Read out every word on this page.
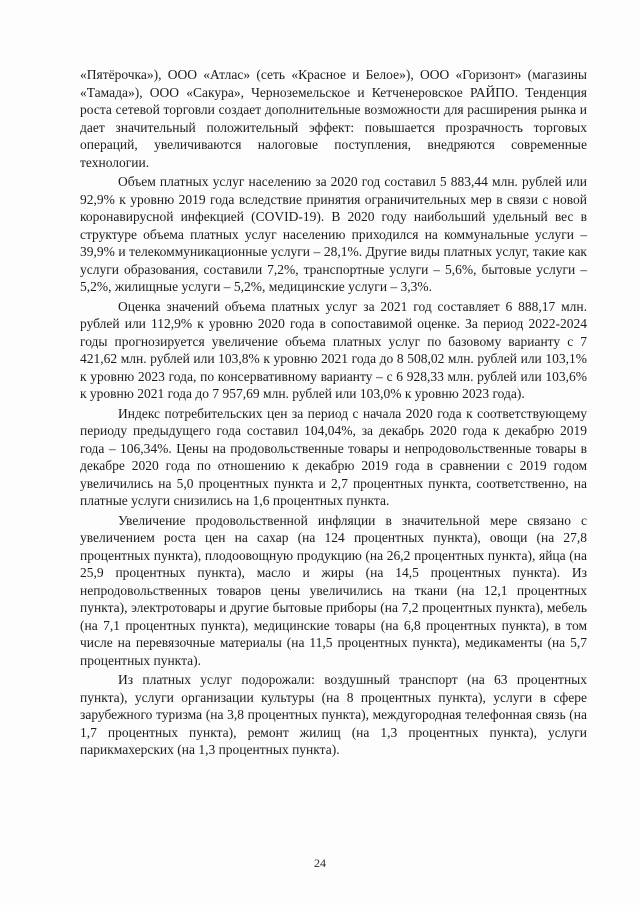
«Пятёрочка»), ООО «Атлас» (сеть «Красное и Белое»), ООО «Горизонт» (магазины «Тамада»), ООО «Сакура», Черноземельское и Кетченеровское РАЙПО. Тенденция роста сетевой торговли создает дополнительные возможности для расширения рынка и дает значительный положительный эффект: повышается прозрачность торговых операций, увеличиваются налоговые поступления, внедряются современные технологии.

Объем платных услуг населению за 2020 год составил 5 883,44 млн. рублей или 92,9% к уровню 2019 года вследствие принятия ограничительных мер в связи с новой коронавирусной инфекцией (COVID-19). В 2020 году наибольший удельный вес в структуре объема платных услуг населению приходился на коммунальные услуги – 39,9% и телекоммуникационные услуги – 28,1%. Другие виды платных услуг, такие как услуги образования, составили 7,2%, транспортные услуги – 5,6%, бытовые услуги – 5,2%, жилищные услуги – 5,2%, медицинские услуги – 3,3%.

Оценка значений объема платных услуг за 2021 год составляет 6 888,17 млн. рублей или 112,9% к уровню 2020 года в сопоставимой оценке. За период 2022-2024 годы прогнозируется увеличение объема платных услуг по базовому варианту с 7 421,62 млн. рублей или 103,8% к уровню 2021 года до 8 508,02 млн. рублей или 103,1% к уровню 2023 года, по консервативному варианту – с 6 928,33 млн. рублей или 103,6% к уровню 2021 года до 7 957,69 млн. рублей или 103,0% к уровню 2023 года).

Индекс потребительских цен за период с начала 2020 года к соответствующему периоду предыдущего года составил 104,04%, за декабрь 2020 года к декабрю 2019 года – 106,34%. Цены на продовольственные товары и непродовольственные товары в декабре 2020 года по отношению к декабрю 2019 года в сравнении с 2019 годом увеличились на 5,0 процентных пункта и 2,7 процентных пункта, соответственно, на платные услуги снизились на 1,6 процентных пункта.

Увеличение продовольственной инфляции в значительной мере связано с увеличением роста цен на сахар (на 124 процентных пункта), овощи (на 27,8 процентных пункта), плодоовощную продукцию (на 26,2 процентных пункта), яйца (на 25,9 процентных пункта), масло и жиры (на 14,5 процентных пункта). Из непродовольственных товаров цены увеличились на ткани (на 12,1 процентных пункта), электротовары и другие бытовые приборы (на 7,2 процентных пункта), мебель (на 7,1 процентных пункта), медицинские товары (на 6,8 процентных пункта), в том числе на перевязочные материалы (на 11,5 процентных пункта), медикаменты (на 5,7 процентных пункта).

Из платных услуг подорожали: воздушный транспорт (на 63 процентных пункта), услуги организации культуры (на 8 процентных пункта), услуги в сфере зарубежного туризма (на 3,8 процентных пункта), междугородная телефонная связь (на 1,7 процентных пункта), ремонт жилищ (на 1,3 процентных пункта), услуги парикмахерских (на 1,3 процентных пункта).

24
